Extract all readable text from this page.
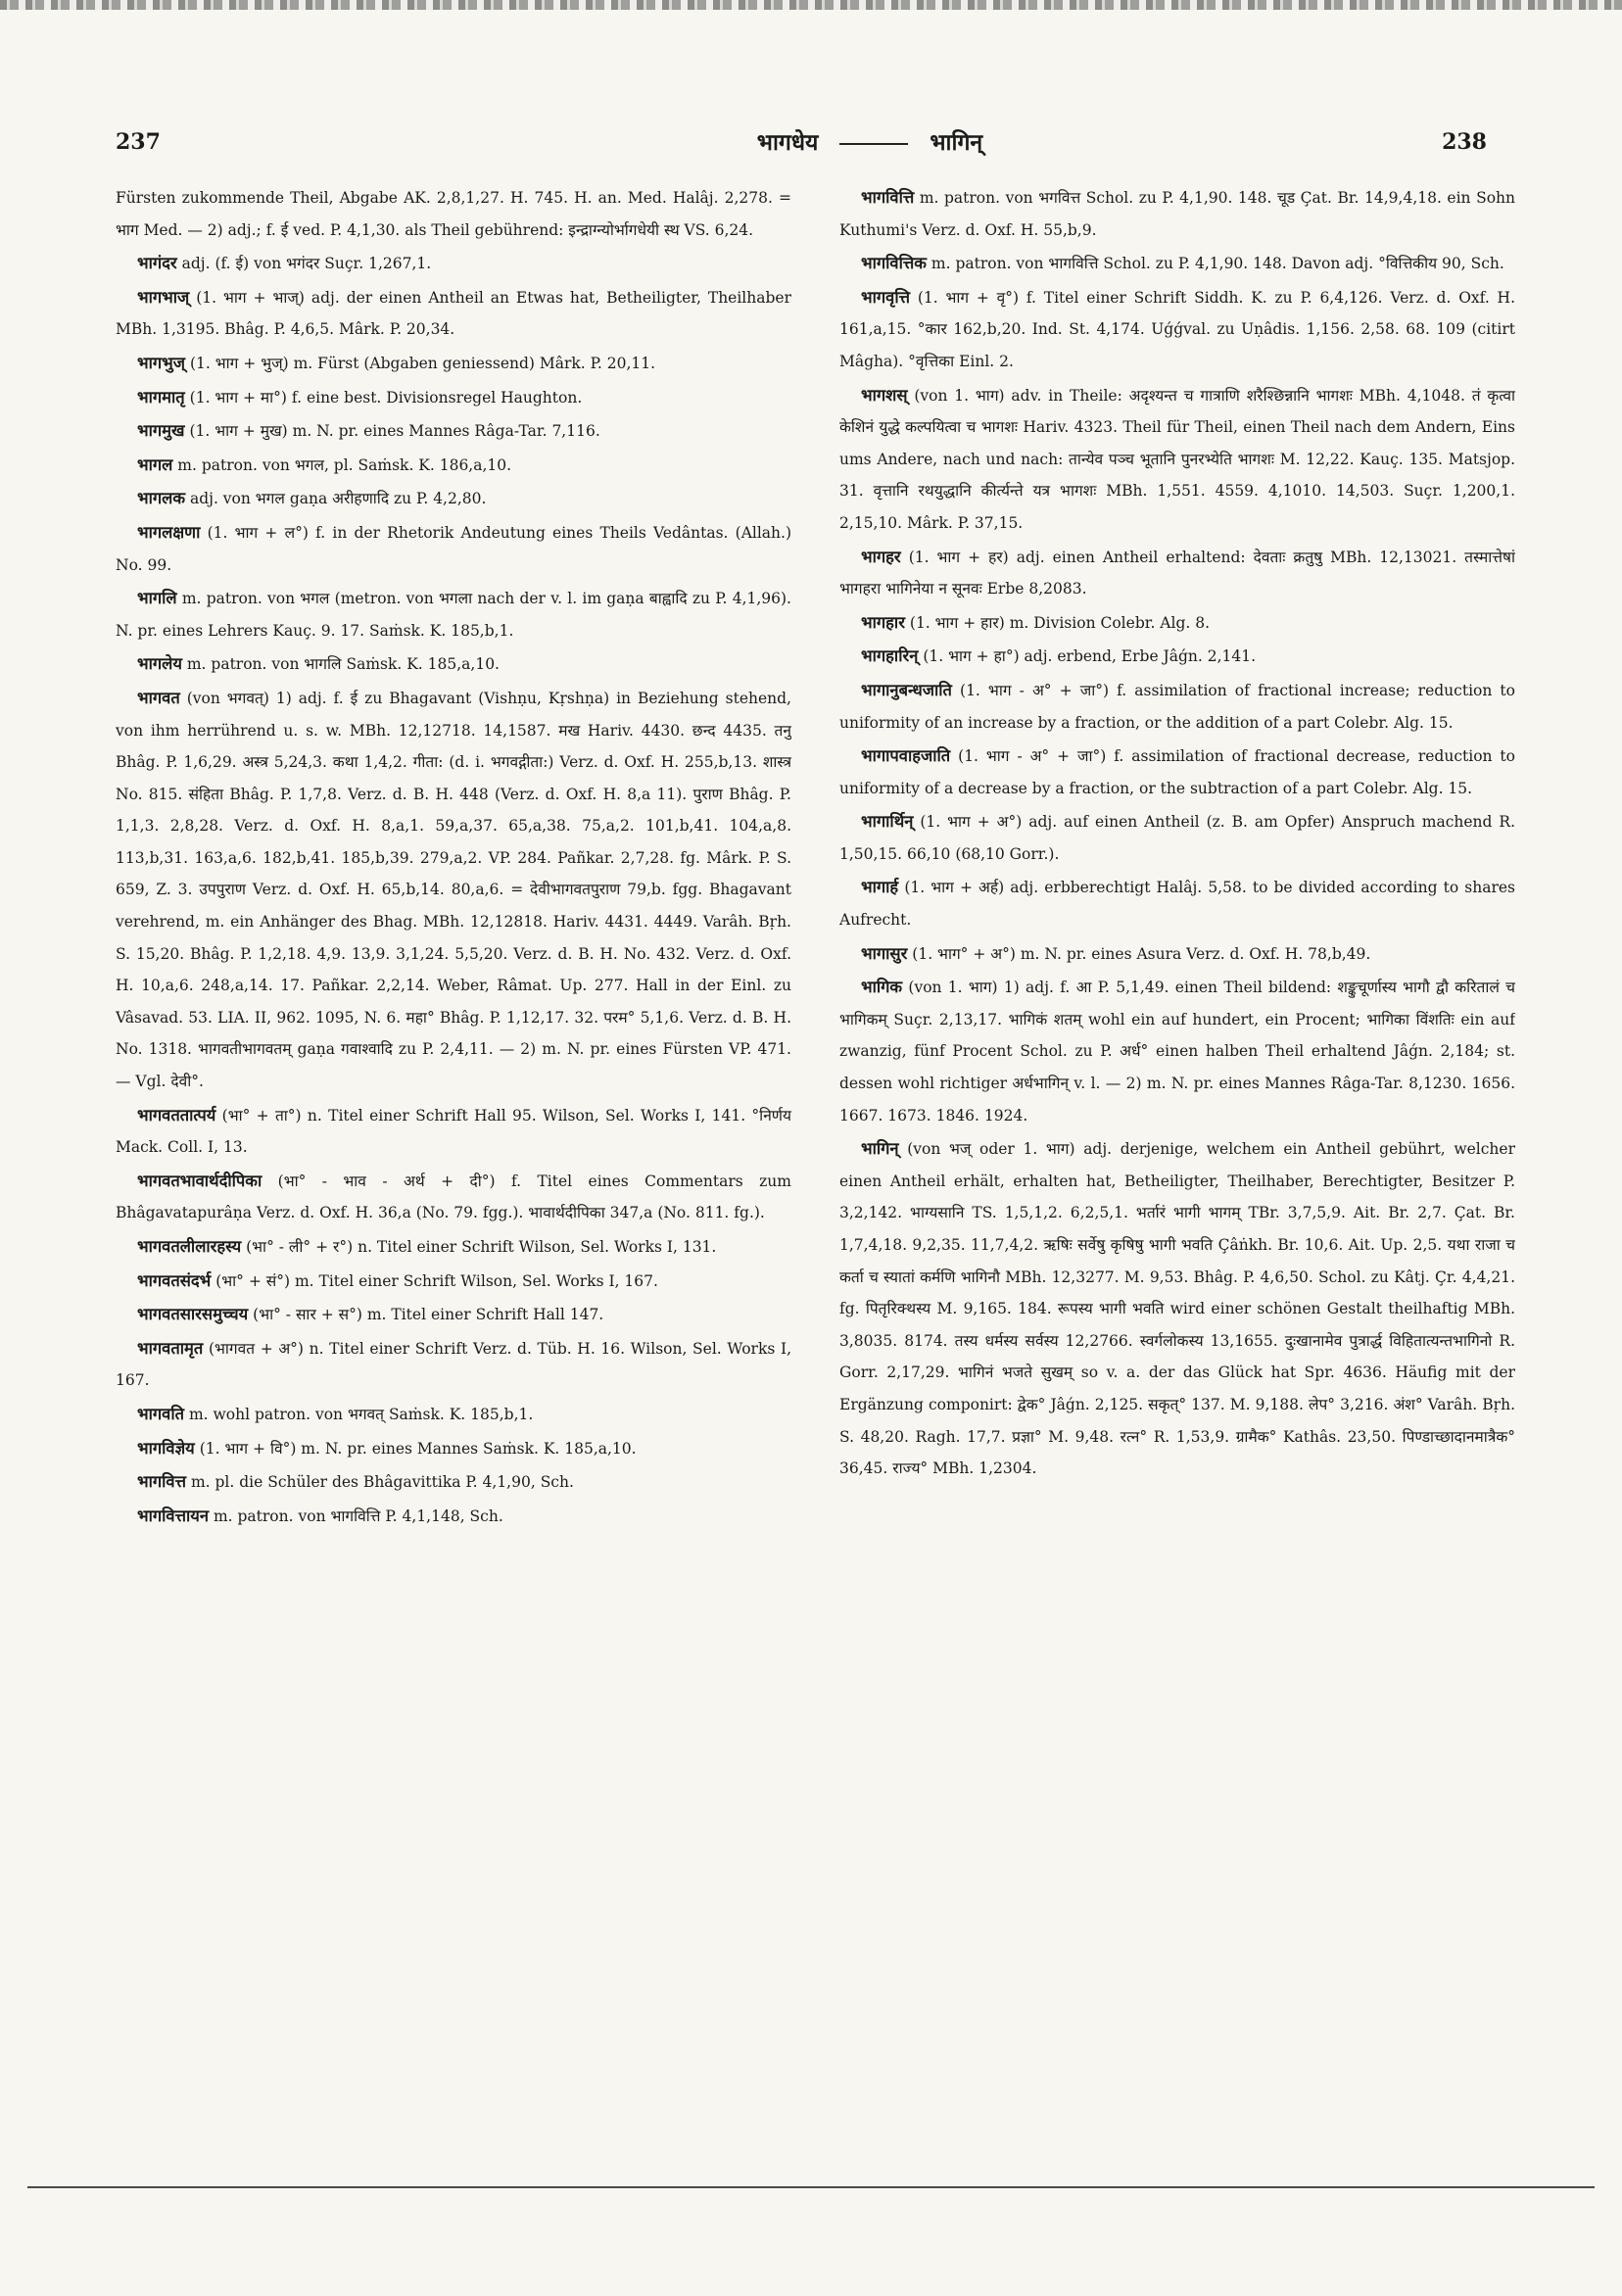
237	भागधेय	भागिन्	238

Fürsten zukommende Theil, Abgabe AK. 2,8,1,27. H. 745. H. an. Med. Halâj. 2,278. = भाग Med. — 2) adj.; f. ई ved. P. 4,1,30. als Theil gebührend: इन्द्राग्न्योर्भागधेयी स्थ VS. 6,24.

भागंदर adj. (f. ई) von भगंदर Suçr. 1,267,1.

भागभाज् (1. भाग + भाज्) adj. der einen Antheil an Etwas hat, Betheiligter, Theilhaber MBh. 1,3195. Bhâg. P. 4,6,5. Mârk. P. 20,34.

भागभुज् (1. भाग + भुज्) m. Fürst (Abgaben geniessend) Mârk. P. 20,11.

भागमातृ (1. भाग + मा°) f. eine best. Divisionsregel Haughton.

भागमुख (1. भाग + मुख) m. N. pr. eines Mannes Râga-Tar. 7,116.

भागल m. patron. von भगल, pl. Saṁsk. K. 186,a,10.

भागलक adj. von भगल gaṇa अरीहणादि zu P. 4,2,80.

भागलक्षणा (1. भाग + ल°) f. in der Rhetorik Andeutung eines Theils Vedântas. (Allah.) No. 99.

भागलि m. patron. von भगल (metron. von भगला nach der v. l. im gaṇa बाह्वादि zu P. 4,1,96). N. pr. eines Lehrers Kauç. 9. 17. Saṁsk. K. 185,b,1.

भागलेय m. patron. von भागलि Saṁsk. K. 185,a,10.

भागवत (von भगवत्) 1) adj. f. ई zu Bhagavant (Vishṇu, Kṛshṇa) in Beziehung stehend, von ihm herrührend u. s. w. MBh. 12,12718. 14,1587. मख Hariv. 4430. छन्द 4435. तनु Bhâg. P. 1,6,29. अस्त्र 5,24,3. कथा 1,4,2. गीता: (d. i. भगवद्गीता:) Verz. d. Oxf. H. 255,b,13. शास्त्र No. 815. संहिता Bhâg. P. 1,7,8. Verz. d. B. H. 448 (Verz. d. Oxf. H. 8,a 11). पुराण Bhâg. P. 1,1,3. 2,8,28. Verz. d. Oxf. H. 8,a,1. 59,a,37. 65,a,38. 75,a,2. 101,b,41. 104,a,8. 113,b,31. 163,a,6. 182,b,41. 185,b,39. 279,a,2. VP. 284. Pañkar. 2,7,28. fg. Mârk. P. S. 659, Z. 3. उपपुराण Verz. d. Oxf. H. 65,b,14. 80,a,6. = देवीभागवतपुराण 79,b. fgg. Bhagavant verehrend, m. ein Anhänger des Bhag. MBh. 12,12818. Hariv. 4431. 4449. Varâh. Bṛh. S. 15,20. Bhâg. P. 1,2,18. 4,9. 13,9. 3,1,24. 5,5,20. Verz. d. B. H. No. 432. Verz. d. Oxf. H. 10,a,6. 248,a,14. 17. Pañkar. 2,2,14. Weber, Râmat. Up. 277. Hall in der Einl. zu Vâsavad. 53. LIA. II, 962. 1095, N. 6. महा° Bhâg. P. 1,12,17. 32. परम° 5,1,6. Verz. d. B. H. No. 1318. भागवतीभागवतम् gaṇa गवाश्वादि zu P. 2,4,11. — 2) m. N. pr. eines Fürsten VP. 471. — Vgl. देवी°.

भागवततात्पर्य (भा° + ता°) n. Titel einer Schrift Hall 95. Wilson, Sel. Works I, 141. °निर्णय Mack. Coll. I, 13.

भागवतभावार्थदीपिका (भा° - भाव - अर्थ + दी°) f. Titel eines Commentars zum Bhâgavatapurâṇa Verz. d. Oxf. H. 36,a (No. 79. fgg.). भावार्थदीपिका 347,a (No. 811. fg.).

भागवतलीलारहस्य (भा° - ली° + र°) n. Titel einer Schrift Wilson, Sel. Works I, 131.

भागवतसंदर्भ (भा° + सं°) m. Titel einer Schrift Wilson, Sel. Works I, 167.

भागवतसारसमुच्चय (भा° - सार + स°) m. Titel einer Schrift Hall 147.

भागवतामृत (भागवत + अ°) n. Titel einer Schrift Verz. d. Tüb. H. 16. Wilson, Sel. Works I, 167.

भागवति m. wohl patron. von भगवत् Saṁsk. K. 185,b,1.

भागविज्ञेय (1. भाग + वि°) m. N. pr. eines Mannes Saṁsk. K. 185,a,10.

भागवित्त m. pl. die Schüler des Bhâgavittika P. 4,1,90, Sch.

भागवित्तायन m. patron. von भागवित्ति P. 4,1,148, Sch.

भागवित्ति m. patron. von भगवित्त Schol. zu P. 4,1,90. 148. चूड Çat. Br. 14,9,4,18. ein Sohn Kuthumi's Verz. d. Oxf. H. 55,b,9.

भागवित्तिक m. patron. von भागवित्ति Schol. zu P. 4,1,90. 148. Davon adj. °वित्तिकीय 90, Sch.

भागवृत्ति (1. भाग + वृ°) f. Titel einer Schrift Siddh. K. zu P. 6,4,126. Verz. d. Oxf. H. 161,a,15. °कार 162,b,20. Ind. St. 4,174. Uǵǵval. zu Uṇâdis. 1,156. 2,58. 68. 109 (citirt Mâgha). °वृत्तिका Einl. 2.

भागशस् (von 1. भाग) adv. in Theile: अदृश्यन्त च गात्राणि शरैश्छिन्नानि भागशः MBh. 4,1048. तं कृत्वा केशिनं युद्धे कल्पयित्वा च भागशः Hariv. 4323. Theil für Theil, einen Theil nach dem Andern, Eins ums Andere, nach und nach: तान्येव पञ्च भूतानि पुनरभ्येति भागशः M. 12,22. Kauç. 135. Matsjop. 31. वृत्तानि रथयुद्धानि कीर्त्यन्ते यत्र भागशः MBh. 1,551. 4559. 4,1010. 14,503. Suçr. 1,200,1. 2,15,10. Mârk. P. 37,15.

भागहर (1. भाग + हर) adj. einen Antheil erhaltend: देवताः क्रतुषु MBh. 12,13021. तस्मात्तेषां भागहरा भागिनेया न सूनवः Erbe 8,2083.

भागहार (1. भाग + हार) m. Division Colebr. Alg. 8.

भागहारिन् (1. भाग + हा°) adj. erbend, Erbe Jâǵn. 2,141.

भागानुबन्धजाति (1. भाग - अ° + जा°) f. assimilation of fractional increase; reduction to uniformity of an increase by a fraction, or the addition of a part Colebr. Alg. 15.

भागापवाहजाति (1. भाग - अ° + जा°) f. assimilation of fractional decrease, reduction to uniformity of a decrease by a fraction, or the subtraction of a part Colebr. Alg. 15.

भागार्थिन् (1. भाग + अ°) adj. auf einen Antheil (z. B. am Opfer) Anspruch machend R. 1,50,15. 66,10 (68,10 Gorr.).

भागार्ह (1. भाग + अर्ह) adj. erbberechtigt Halâj. 5,58. to be divided according to shares Aufrecht.

भागासुर (1. भाग° + अ°) m. N. pr. eines Asura Verz. d. Oxf. H. 78,b,49.

भागिक (von 1. भाग) 1) adj. f. आ P. 5,1,49. einen Theil bildend: शङ्कुचूर्णास्य भागौ द्वौ करितालं च भागिकम् Suçr. 2,13,17. भागिकं शतम् wohl ein auf hundert, ein Procent; भागिका विंशतिः ein auf zwanzig, fünf Procent Schol. zu P. अर्ध° einen halben Theil erhaltend Jâǵn. 2,184; st. dessen wohl richtiger अर्धभागिन् v. l. — 2) m. N. pr. eines Mannes Râga-Tar. 8,1230. 1656. 1667. 1673. 1846. 1924.

भागिन् (von भज् oder 1. भाग) adj. derjenige, welchem ein Antheil gebührt, welcher einen Antheil erhält, erhalten hat, Betheiligter, Theilhaber, Berechtigter, Besitzer P. 3,2,142. भाग्यसानि TS. 1,5,1,2. 6,2,5,1. भर्तारं भागी भागम् TBr. 3,7,5,9. Ait. Br. 2,7. Çat. Br. 1,7,4,18. 9,2,35. 11,7,4,2. ऋषिः सर्वेषु कृषिषु भागी भवति Çâṅkh. Br. 10,6. Ait. Up. 2,5. यथा राजा च कर्ता च स्यातां कर्मणि भागिनौ MBh. 12,3277. M. 9,53. Bhâg. P. 4,6,50. Schol. zu Kâtj. Çr. 4,4,21. fg. पितृरिक्थस्य M. 9,165. 184. रूपस्य भागी भवति wird einer schönen Gestalt theilhaftig MBh. 3,8035. 8174. तस्य धर्मस्य सर्वस्य 12,2766. स्वर्गलोकस्य 13,1655. दुःखानामेव पुत्रार्द्ध विहितात्यन्तभागिनो R. Gorr. 2,17,29. भागिनं भजते सुखम् so v. a. der das Glück hat Spr. 4636. Häufig mit der Ergänzung componirt: द्वेक° Jâǵn. 2,125. सकृत्° 137. M. 9,188. लेप° 3,216. अंश° Varâh. Bṛh. S. 48,20. Ragh. 17,7. प्रज्ञा° M. 9,48. रत्न° R. 1,53,9. ग्रामैक° Kathâs. 23,50. पिण्डाच्छादानमात्रैक° 36,45. राज्य° MBh. 1,2304.
